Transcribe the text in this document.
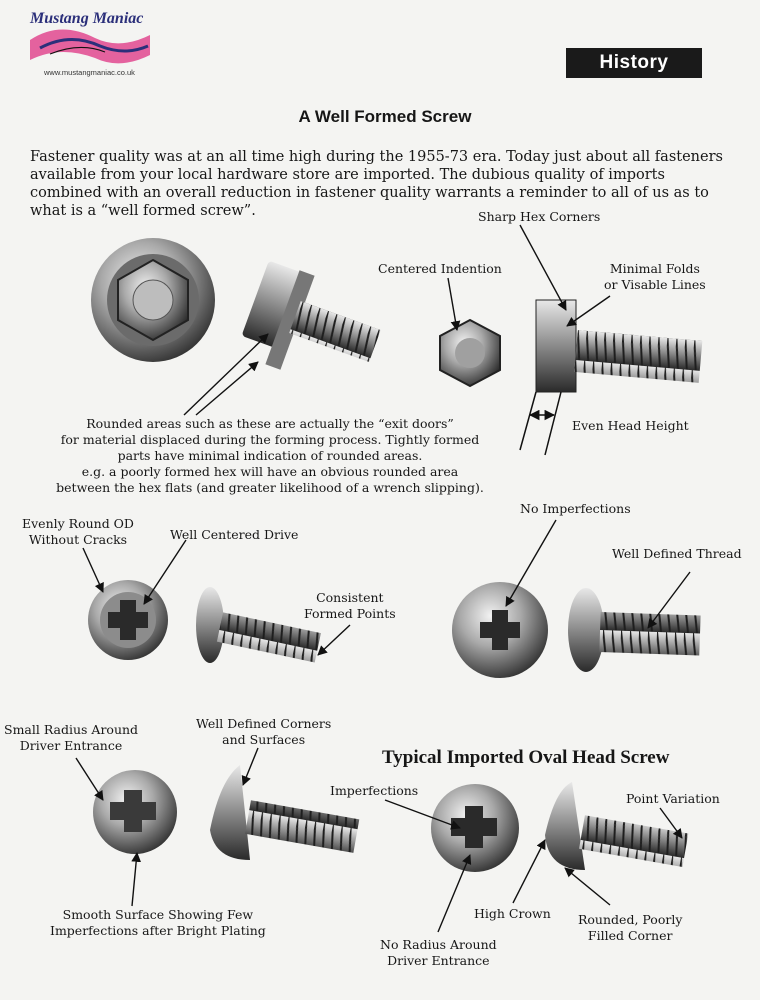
Mustang Maniac
www.mustangmaniac.co.uk	History
A Well Formed Screw
Fastener quality was at an all time high during the 1955-73 era. Today just about all fasteners available from your local hardware store are imported. The dubious quality of imports combined with an overall reduction in fastener quality warrants a reminder to all of us as to what is a “well formed screw”.	Sharp Hex Corners
Centered Indention	Minimal Folds
or Visable Lines
Even Head Height
Rounded areas such as these are actually the “exit doors”
for material displaced during the forming process. Tightly formed
parts have minimal indication of rounded areas.
e.g. a poorly formed hex will have an obvious rounded area
between the hex flats (and greater likelihood of a wrench slipping).
Evenly Round OD
Without Cracks	Well Centered Drive
Consistent
Formed Points
No Imperfections
Well Defined Thread
Small Radius Around
Driver Entrance
Well Defined Corners
and Surfaces
Smooth Surface Showing Few
Imperfections after Bright Plating
Typical Imported Oval Head Screw
Imperfections
Point Variation
High Crown Rounded, Poorly
Filled Corner
No Radius Around
Driver Entrance
